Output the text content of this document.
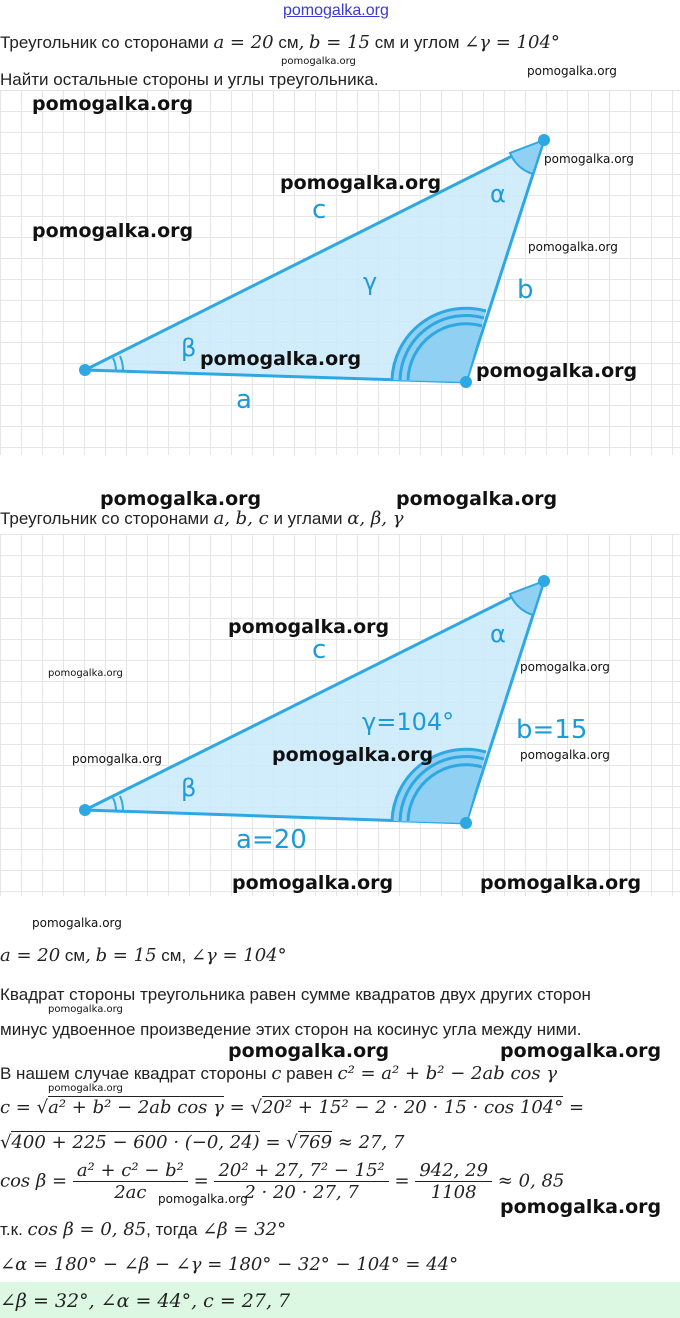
pomogalka.org
Треугольник со сторонами a = 20 см, b = 15 см и углом ∠γ = 104°
Найти остальные стороны и углы треугольника.
a
b
c
α
β
γ
Треугольник со сторонами a, b, c и углами α, β, γ
a=20
b=15
c
α
β
γ=104°
a = 20 см, b = 15 см, ∠γ = 104°
Квадрат стороны треугольника равен сумме квадратов двух других сторон
минус удвоенное произведение этих сторон на косинус угла между ними.
В нашем случае квадрат стороны c равен c² = a² + b² − 2ab cos γ
c = √a² + b² − 2ab cos γ = √20² + 15² − 2 · 20 · 15 · cos 104° =
√400 + 225 − 600 · (−0, 24) = √769 ≈ 27, 7
$\cos \beta = \frac{\text{a² + c² − b²}}{2ac} = \frac{\text{20² + 27, 7² − 15²}}{2 \cdot 20 \cdot 27, 7} = \frac{942, 29}{1108} \approx 0$, 85
т.к. cos β = 0, 85, тогда ∠β = 32°
∠α = 180° − ∠β − ∠γ = 180° − 32° − 104° = 44°
∠β = 32°, ∠α = 44°, c = 27, 7
pomogalka.org
pomogalka.org
pomogalka.org
pomogalka.org
pomogalka.org
pomogalka.org
pomogalka.org
pomogalka.org
pomogalka.org
pomogalka.org	pomogalka.org
pomogalka.org
pomogalka.org
pomogalka.org
pomogalka.org
pomogalka.org	pomogalka.org
pomogalka.org	pomogalka.org
pomogalka.org
pomogalka.org
pomogalka.org	pomogalka.org
pomogalka.org
pomogalka.org	pomogalka.org
